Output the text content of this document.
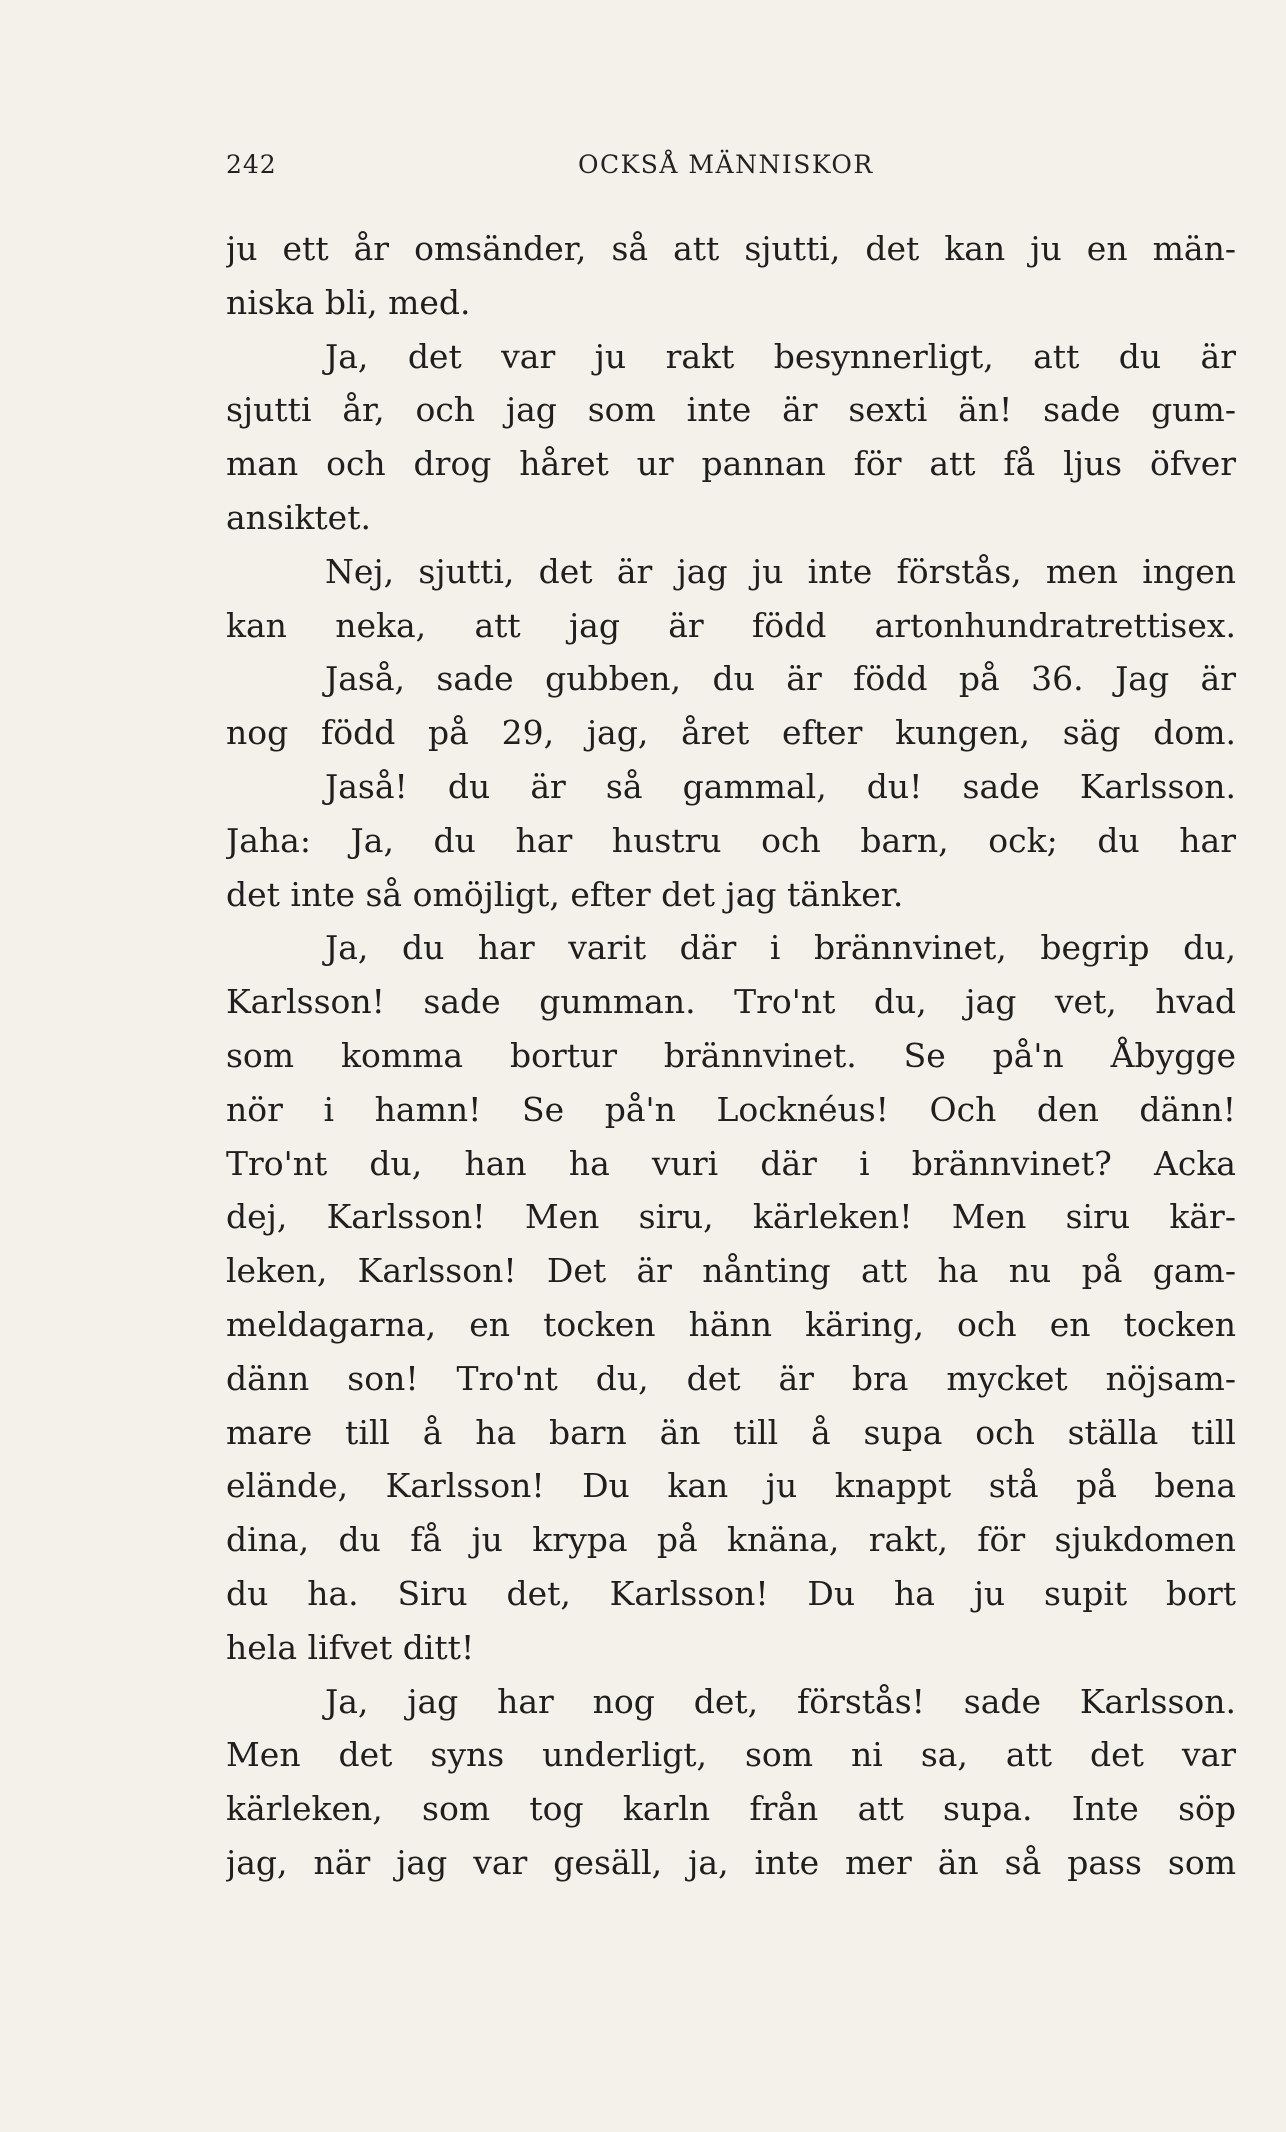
242	OCKSÅ MÄNNISKOR
ju ett år omsänder, så att sjutti, det kan ju en män-
niska bli, med.
Ja, det var ju rakt besynnerligt, att du är
sjutti år, och jag som inte är sexti än! sade gum-
man och drog håret ur pannan för att få ljus öfver
ansiktet.
Nej, sjutti, det är jag ju inte förstås, men ingen
kan neka, att jag är född artonhundratrettisex.
Jaså, sade gubben, du är född på 36. Jag är
nog född på 29, jag, året efter kungen, säg dom.
Jaså! du är så gammal, du! sade Karlsson.
Jaha: Ja, du har hustru och barn, ock; du har
det inte så omöjligt, efter det jag tänker.
Ja, du har varit där i brännvinet, begrip du,
Karlsson! sade gumman. Tro'nt du, jag vet, hvad
som komma bortur brännvinet. Se på'n Åbygge
nör i hamn! Se på'n Locknéus! Och den dänn!
Tro'nt du, han ha vuri där i brännvinet? Acka
dej, Karlsson! Men siru, kärleken! Men siru kär-
leken, Karlsson! Det är nånting att ha nu på gam-
meldagarna, en tocken hänn käring, och en tocken
dänn son! Tro'nt du, det är bra mycket nöjsam-
mare till å ha barn än till å supa och ställa till
elände, Karlsson! Du kan ju knappt stå på bena
dina, du få ju krypa på knäna, rakt, för sjukdomen
du ha. Siru det, Karlsson! Du ha ju supit bort
hela lifvet ditt!
Ja, jag har nog det, förstås! sade Karlsson.
Men det syns underligt, som ni sa, att det var
kärleken, som tog karln från att supa. Inte söp
jag, när jag var gesäll, ja, inte mer än så pass som
